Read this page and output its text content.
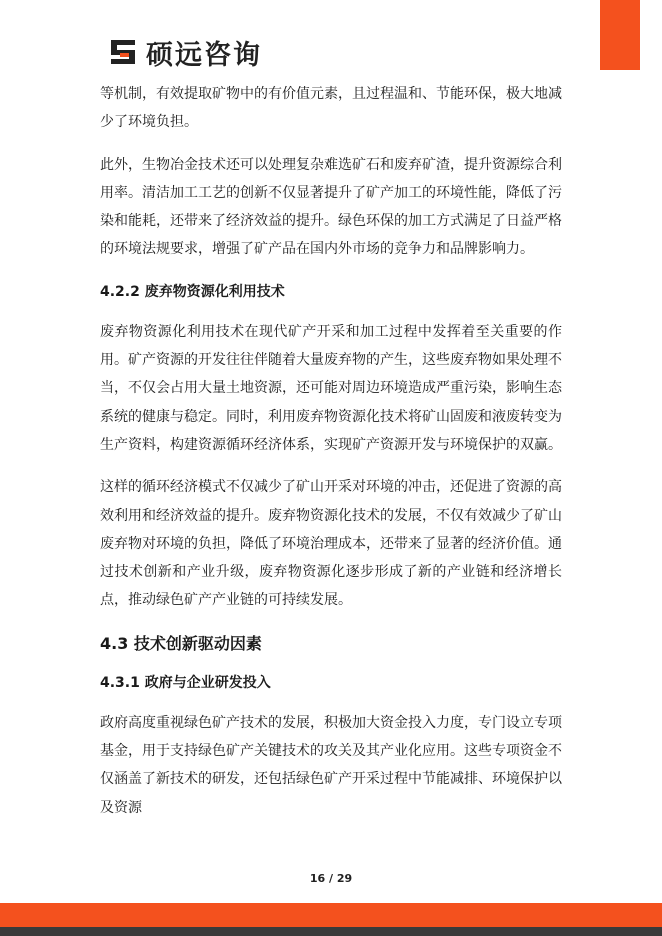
硕远咨询

等机制，有效提取矿物中的有价值元素，且过程温和、节能环保，极大地减少了环境负担。

此外，生物冶金技术还可以处理复杂难选矿石和废弃矿渣，提升资源综合利用率。清洁加工工艺的创新不仅显著提升了矿产加工的环境性能，降低了污染和能耗，还带来了经济效益的提升。绿色环保的加工方式满足了日益严格的环境法规要求，增强了矿产品在国内外市场的竞争力和品牌影响力。

4.2.2 废弃物资源化利用技术

废弃物资源化利用技术在现代矿产开采和加工过程中发挥着至关重要的作用。矿产资源的开发往往伴随着大量废弃物的产生，这些废弃物如果处理不当，不仅会占用大量土地资源，还可能对周边环境造成严重污染，影响生态系统的健康与稳定。同时，利用废弃物资源化技术将矿山固废和液废转变为生产资料，构建资源循环经济体系，实现矿产资源开发与环境保护的双赢。

这样的循环经济模式不仅减少了矿山开采对环境的冲击，还促进了资源的高效利用和经济效益的提升。废弃物资源化技术的发展，不仅有效减少了矿山废弃物对环境的负担，降低了环境治理成本，还带来了显著的经济价值。通过技术创新和产业升级，废弃物资源化逐步形成了新的产业链和经济增长点，推动绿色矿产产业链的可持续发展。

4.3 技术创新驱动因素
4.3.1 政府与企业研发投入

政府高度重视绿色矿产技术的发展，积极加大资金投入力度，专门设立专项基金，用于支持绿色矿产关键技术的攻关及其产业化应用。这些专项资金不仅涵盖了新技术的研发，还包括绿色矿产开采过程中节能减排、环境保护以及资源

16 / 29
